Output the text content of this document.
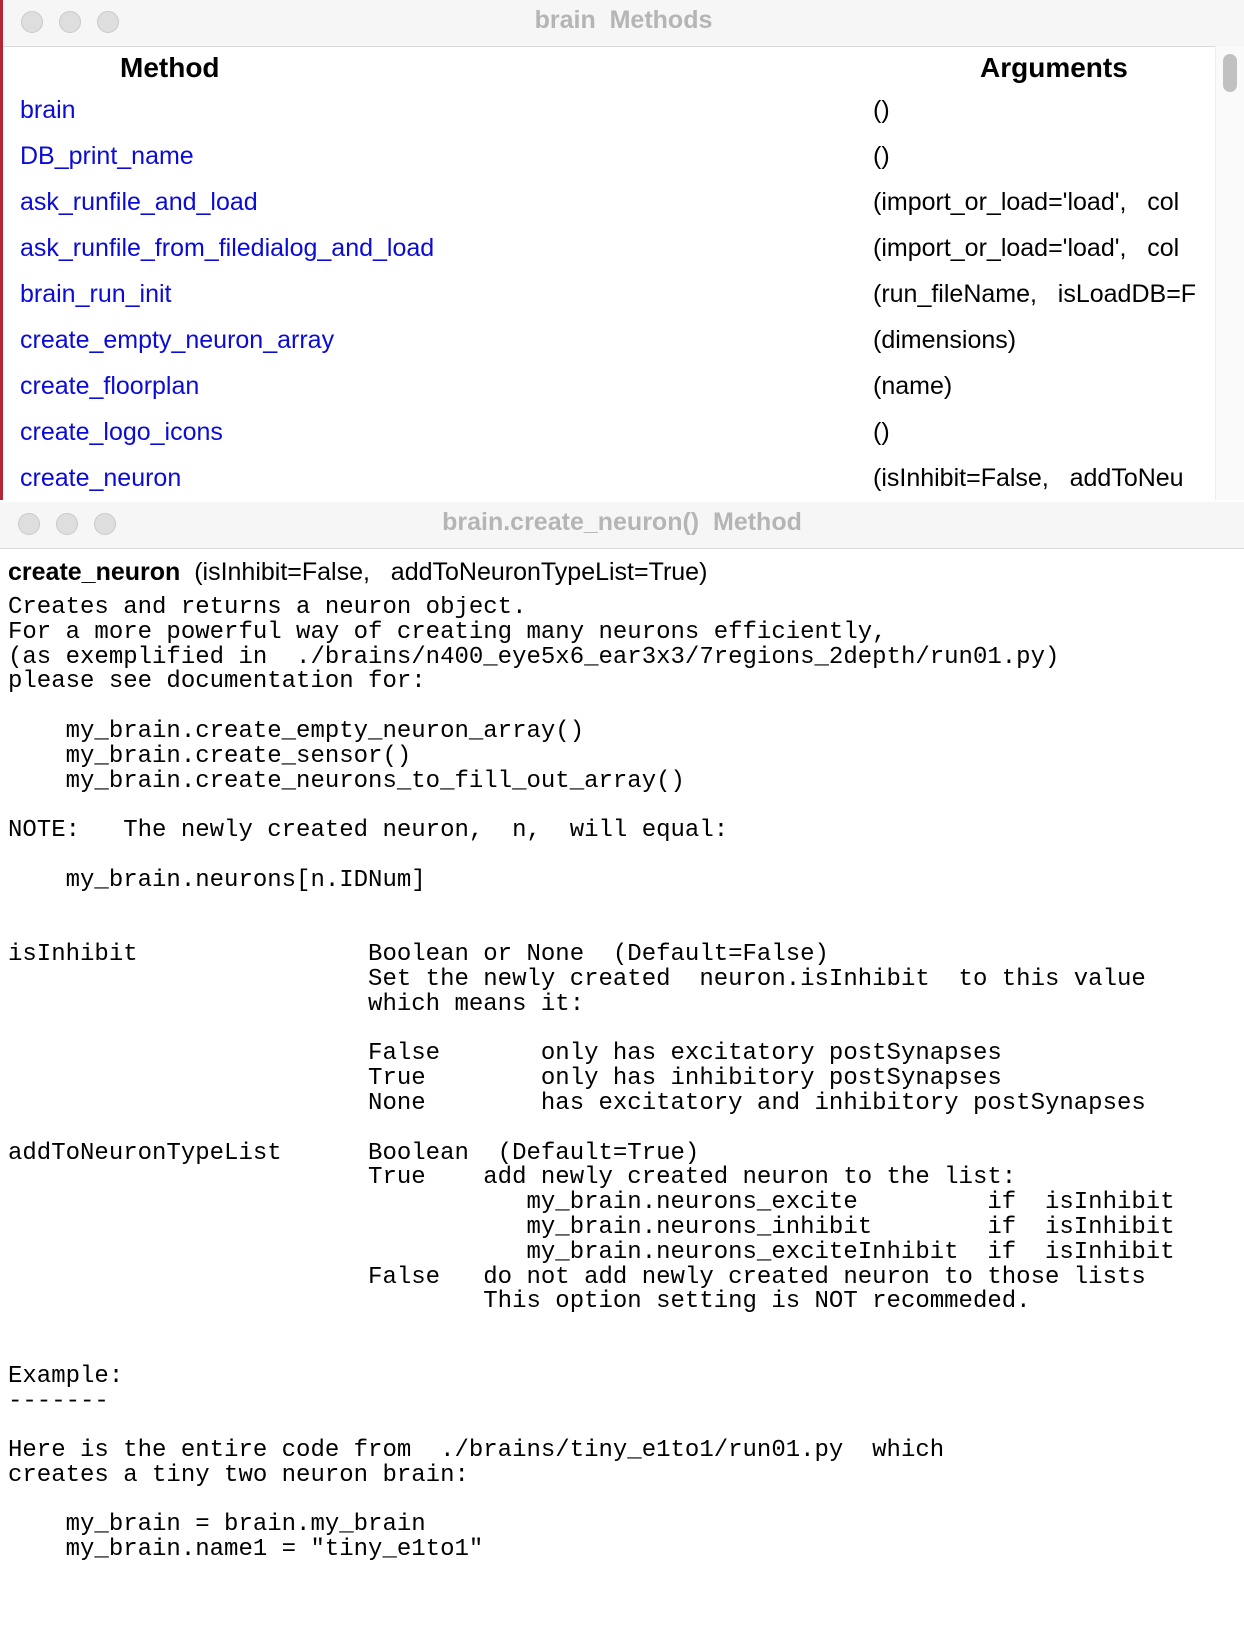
brain  Methods
Method	Arguments
brain	()
DB_print_name	()
ask_runfile_and_load	(import_or_load='load',   col
ask_runfile_from_filedialog_and_load	(import_or_load='load',   col
brain_run_init	(run_fileName,   isLoadDB=F
create_empty_neuron_array	(dimensions)
create_floorplan	(name)
create_logo_icons	()
create_neuron	(isInhibit=False,   addToNeu
brain.create_neuron()  Method
create_neuron  (isInhibit=False,   addToNeuronTypeList=True)
Creates and returns a neuron object.
For a more powerful way of creating many neurons efficiently,
(as exemplified in  ./brains/n400_eye5x6_ear3x3/7regions_2depth/run01.py)
please see documentation for:

my_brain.create_empty_neuron_array()
my_brain.create_sensor()
my_brain.create_neurons_to_fill_out_array()

NOTE:   The newly created neuron,  n,  will equal:

my_brain.neurons[n.IDNum]

isInhibit                Boolean or None  (Default=False)
Set the newly created  neuron.isInhibit  to this value
which means it:

False       only has excitatory postSynapses
True        only has inhibitory postSynapses
None        has excitatory and inhibitory postSynapses

addToNeuronTypeList      Boolean  (Default=True)
True    add newly created neuron to the list:
my_brain.neurons_excite         if  isInhibit
my_brain.neurons_inhibit        if  isInhibit
my_brain.neurons_exciteInhibit  if  isInhibit
False   do not add newly created neuron to those lists
This option setting is NOT recommeded.

Example:
-------

Here is the entire code from  ./brains/tiny_e1to1/run01.py  which
creates a tiny two neuron brain:

my_brain = brain.my_brain
my_brain.name1 = "tiny_e1to1"
